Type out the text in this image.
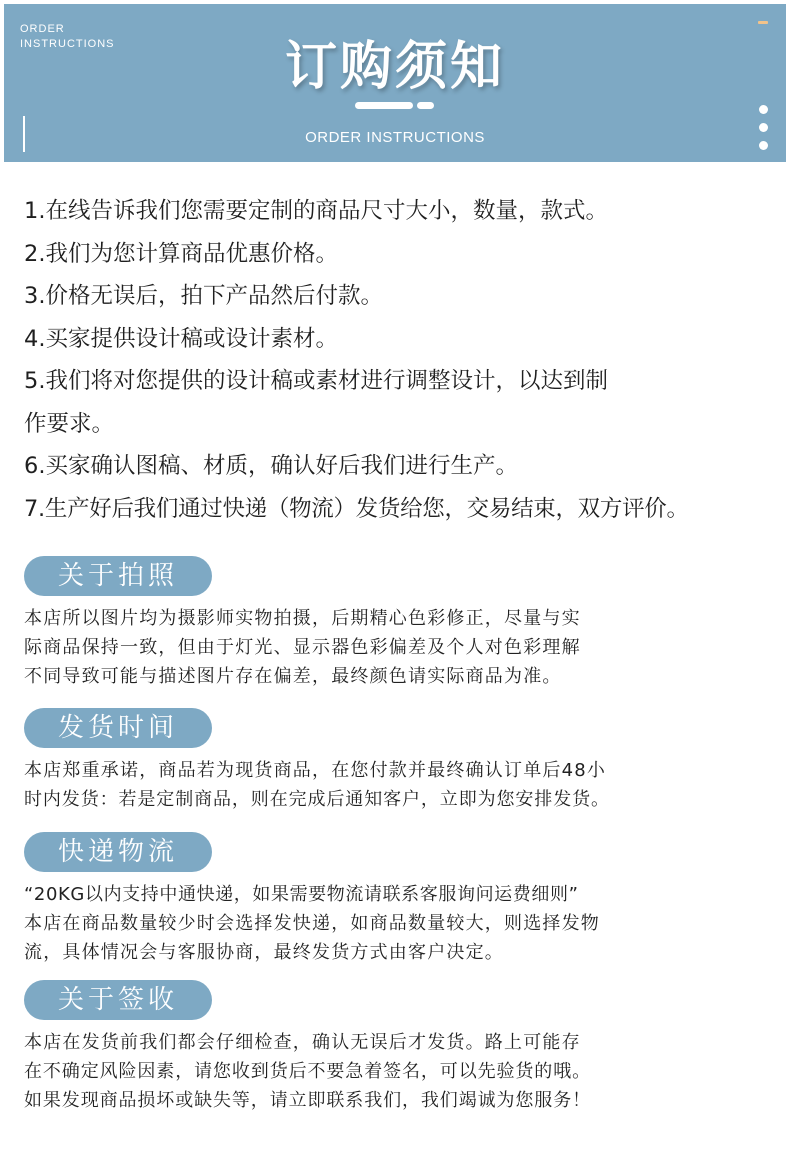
ORDER
INSTRUCTIONS	订购须知
ORDER INSTRUCTIONS
1.在线告诉我们您需要定制的商品尺寸大小，数量，款式。
2.我们为您计算商品优惠价格。
3.价格无误后，拍下产品然后付款。
4.买家提供设计稿或设计素材。
5.我们将对您提供的设计稿或素材进行调整设计，以达到制
作要求。
6.买家确认图稿、材质，确认好后我们进行生产。
7.生产好后我们通过快递（物流）发货给您，交易结束，双方评价。
关于拍照
本店所以图片均为摄影师实物拍摄，后期精心色彩修正，尽量与实
际商品保持一致，但由于灯光、显示器色彩偏差及个人对色彩理解
不同导致可能与描述图片存在偏差，最终颜色请实际商品为准。
发货时间
本店郑重承诺，商品若为现货商品，在您付款并最终确认订单后48小
时内发货：若是定制商品，则在完成后通知客户，立即为您安排发货。
快递物流
“20KG以内支持中通快递，如果需要物流请联系客服询问运费细则”
本店在商品数量较少时会选择发快递，如商品数量较大，则选择发物
流，具体情况会与客服协商，最终发货方式由客户决定。
关于签收
本店在发货前我们都会仔细检查，确认无误后才发货。路上可能存
在不确定风险因素，请您收到货后不要急着签名，可以先验货的哦。
如果发现商品损坏或缺失等，请立即联系我们，我们竭诚为您服务！
